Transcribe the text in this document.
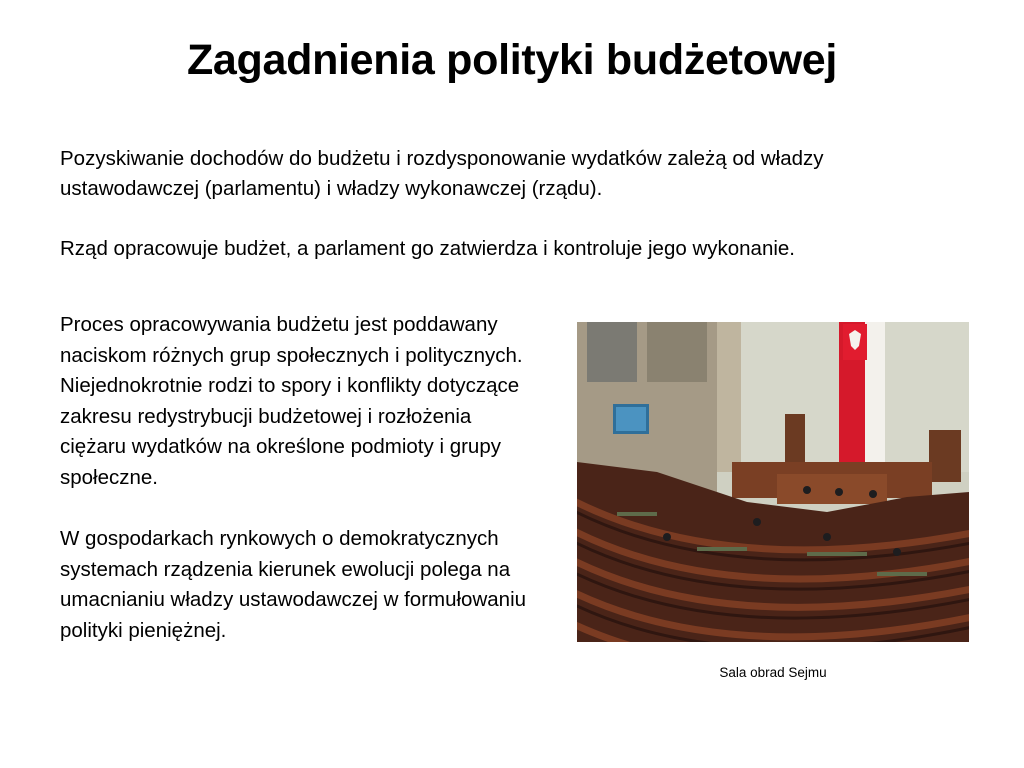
Zagadnienia polityki budżetowej

Pozyskiwanie dochodów do budżetu i rozdysponowanie wydatków zależą od władzy ustawodawczej (parlamentu) i władzy wykonawczej (rządu).

Rząd opracowuje budżet, a parlament go zatwierdza i kontroluje jego wykonanie.

Proces opracowywania budżetu jest poddawany naciskom różnych grup społecznych i politycznych. Niejednokrotnie rodzi to spory i konflikty dotyczące zakresu redystrybucji budżetowej i rozłożenia ciężaru wydatków na określone podmioty i grupy społeczne.

W gospodarkach rynkowych o demokratycznych systemach rządzenia kierunek ewolucji polega na umacnianiu władzy ustawodawczej w formułowaniu polityki pieniężnej.

Sala obrad Sejmu
